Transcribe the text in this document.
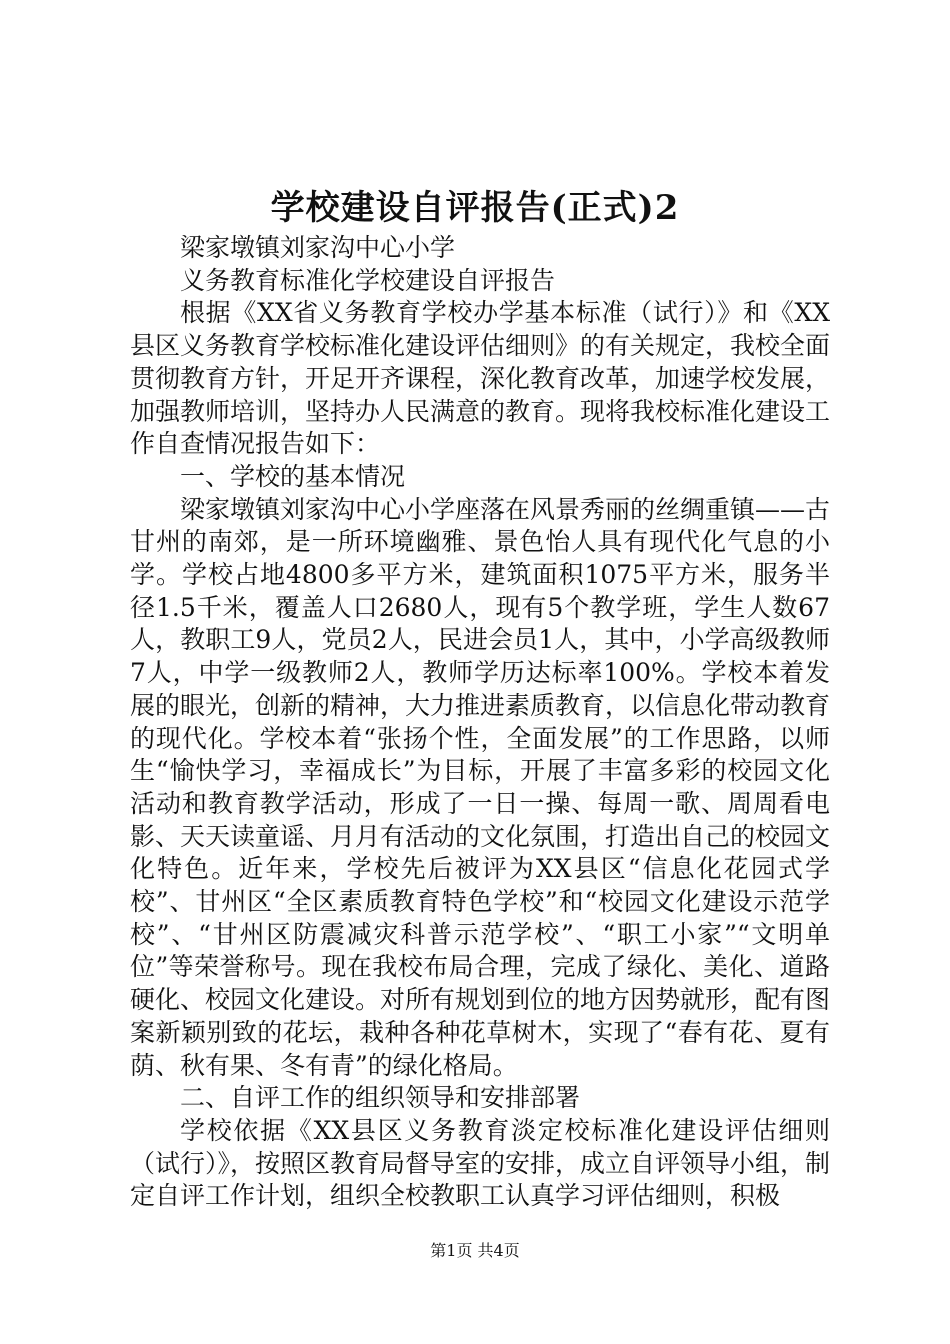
学校建设自评报告(正式)2

梁家墩镇刘家沟中心小学

义务教育标准化学校建设自评报告

根据《XX省义务教育学校办学基本标准（试行）》和《XX县区义务教育学校标准化建设评估细则》的有关规定，我校全面贯彻教育方针，开足开齐课程，深化教育改革，加速学校发展，加强教师培训，坚持办人民满意的教育。现将我校标准化建设工作自查情况报告如下：

一、学校的基本情况

梁家墩镇刘家沟中心小学座落在风景秀丽的丝绸重镇——古甘州的南郊，是一所环境幽雅、景色怡人具有现代化气息的小学。学校占地4800多平方米，建筑面积1075平方米，服务半径1.5千米，覆盖人口2680人，现有5个教学班，学生人数67人，教职工9人，党员2人，民进会员1人，其中，小学高级教师7人，中学一级教师2人，教师学历达标率100%。学校本着发展的眼光，创新的精神，大力推进素质教育，以信息化带动教育的现代化。学校本着“张扬个性，全面发展”的工作思路，以师生“愉快学习，幸福成长”为目标，开展了丰富多彩的校园文化活动和教育教学活动，形成了一日一操、每周一歌、周周看电影、天天读童谣、月月有活动的文化氛围，打造出自己的校园文化特色。近年来，学校先后被评为XX县区“信息化花园式学校”、甘州区“全区素质教育特色学校”和“校园文化建设示范学校”、“甘州区防震减灾科普示范学校”、“职工小家”“文明单位”等荣誉称号。现在我校布局合理，完成了绿化、美化、道路硬化、校园文化建设。对所有规划到位的地方因势就形，配有图案新颖别致的花坛，栽种各种花草树木，实现了“春有花、夏有荫、秋有果、冬有青”的绿化格局。

二、自评工作的组织领导和安排部署

学校依据《XX县区义务教育淡定校标准化建设评估细则（试行）》，按照区教育局督导室的安排，成立自评领导小组，制定自评工作计划，组织全校教职工认真学习评估细则，积极

第1页 共4页
